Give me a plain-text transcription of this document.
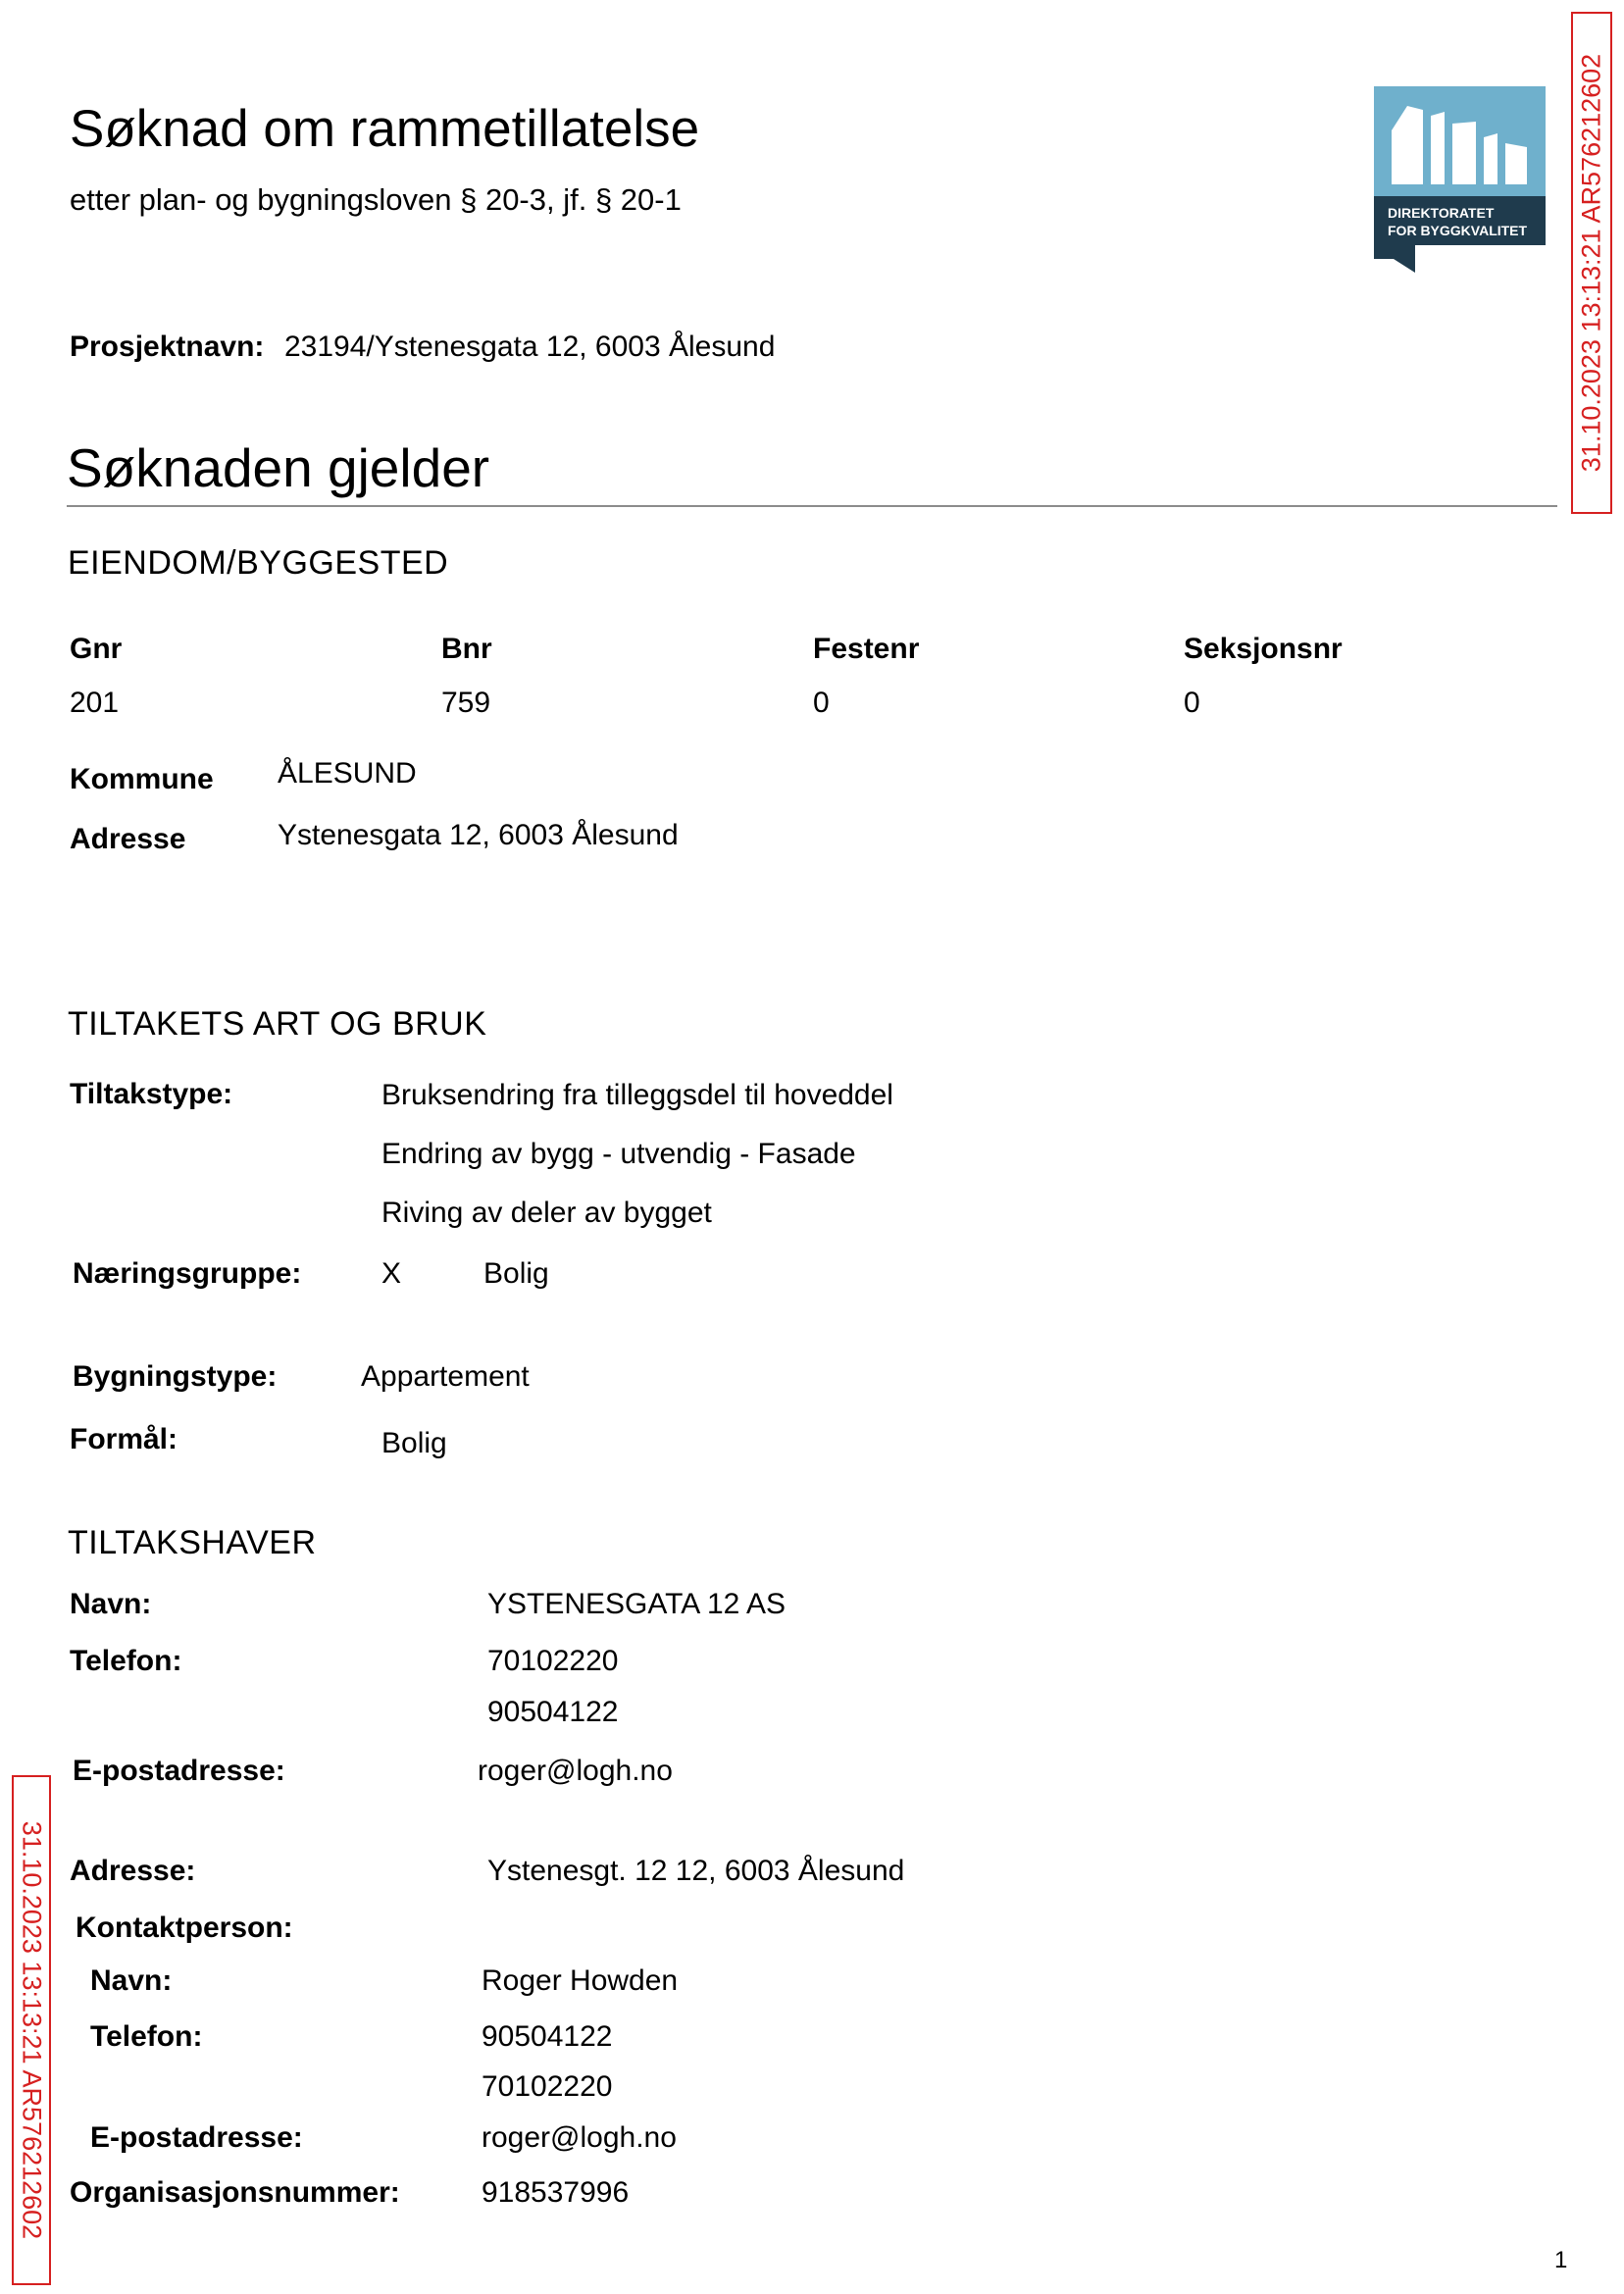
Søknad om rammetillatelse
etter plan- og bygningsloven § 20-3, jf. § 20-1	DIREKTORATET
FOR BYGGKVALITET 31.10.2023 13:13:21 AR576212602
31.10.2023 13:13:21 AR576212602
Prosjektnavn: 23194/Ystenesgata 12, 6003 Ålesund
Søknaden gjelder
EIENDOM/BYGGESTED
Gnr	Bnr	Festenr	Seksjonsnr
201	759	0	0
Kommune ÅLESUND
Adresse	Ystenesgata 12, 6003 Ålesund
TILTAKETS ART OG BRUK
Tiltakstype:	Bruksendring fra tilleggsdel til hoveddel
Endring av bygg - utvendig - Fasade
Riving av deler av bygget
Næringsgruppe:	X	Bolig
Bygningstype:	Appartement
Formål:	Bolig
TILTAKSHAVER
Navn:	YSTENESGATA 12 AS
Telefon:	70102220
90504122
E-postadresse:	roger@logh.no
Adresse:	Ystenesgt. 12 12, 6003 Ålesund
Kontaktperson:
Navn:	Roger Howden
Telefon:	90504122
70102220
E-postadresse:	roger@logh.no
Organisasjonsnummer:	918537996
1
